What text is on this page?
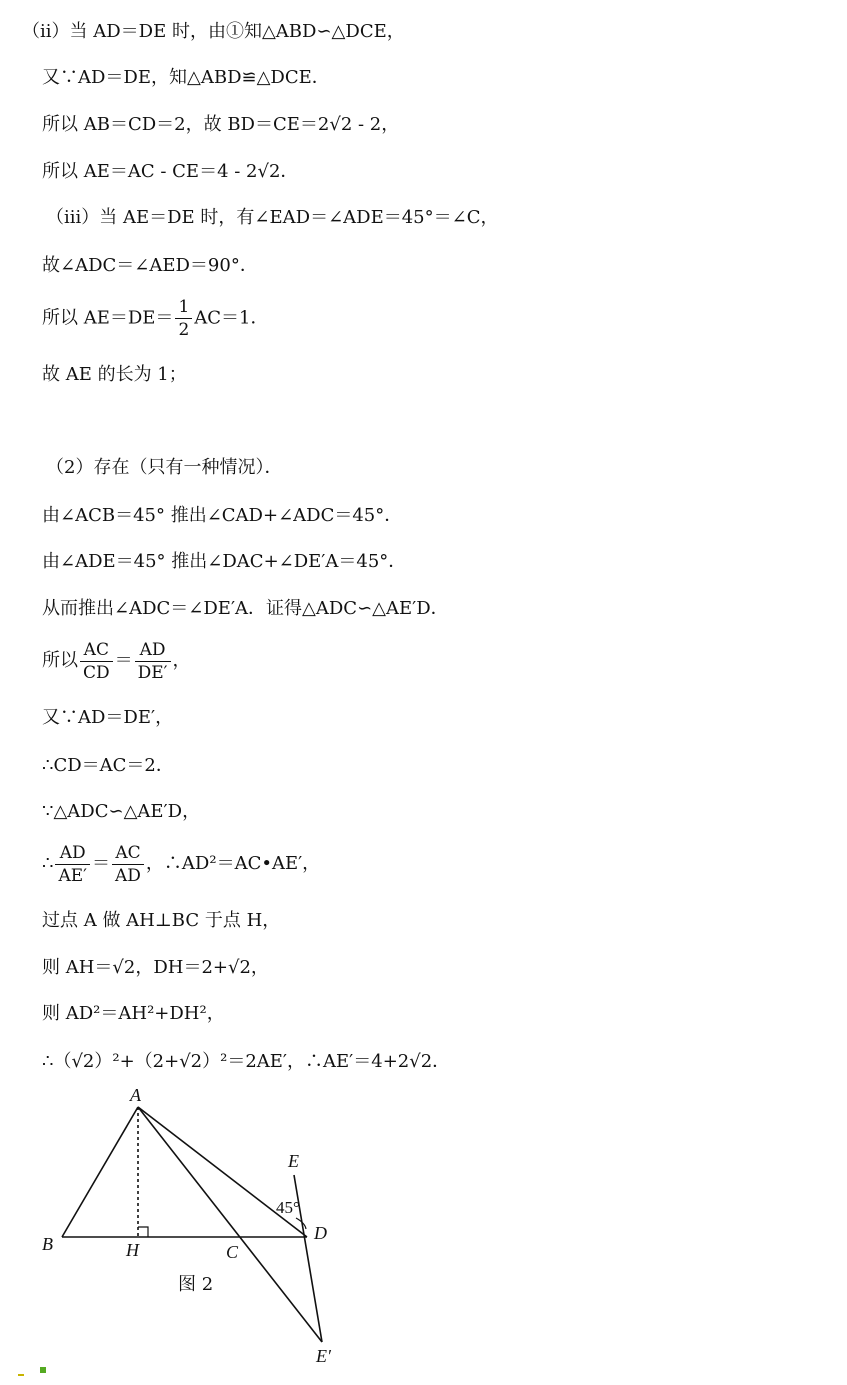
（ii）当 AD＝DE 时，由①知△ABD∽△DCE，
又∵AD＝DE，知△ABD≌△DCE．
所以 AB＝CD＝2，故 BD＝CE＝2√2 - 2，
所以 AE＝AC - CE＝4 - 2√2．
（iii）当 AE＝DE 时，有∠EAD＝∠ADE＝45°＝∠C，
故∠ADC＝∠AED＝90°．
所以 $AE=DE= \frac{1}{2} AC=1$．
故 AE 的长为 1；
（2）存在（只有一种情况）．
由∠ACB＝45° 推出∠CAD+∠ADC＝45°．
由∠ADE＝45° 推出∠DAC+∠DE′A＝45°．
从而推出∠ADC＝∠DE′A．证得△ADC∽△AE′D．
所以 $\frac{AC}{CD} = \frac{AD}{DE'}$ ，
又∵AD＝DE′，
∴CD＝AC＝2．
∵△ADC∽△AE′D，
∴ $\frac{AD}{AE'} = \frac{AC}{AD}$ ，∴AD²＝AC•AE′，
过点 A 做 AH⊥BC 于点 H，
则 AH＝√2，DH＝2+√2，
则 AD²＝AH²+DH²，
∴（√2）²+（2+√2）²＝2AE′，∴AE′＝4+2√2．
A
B	H	C
D
E
E′
45°
图 2
